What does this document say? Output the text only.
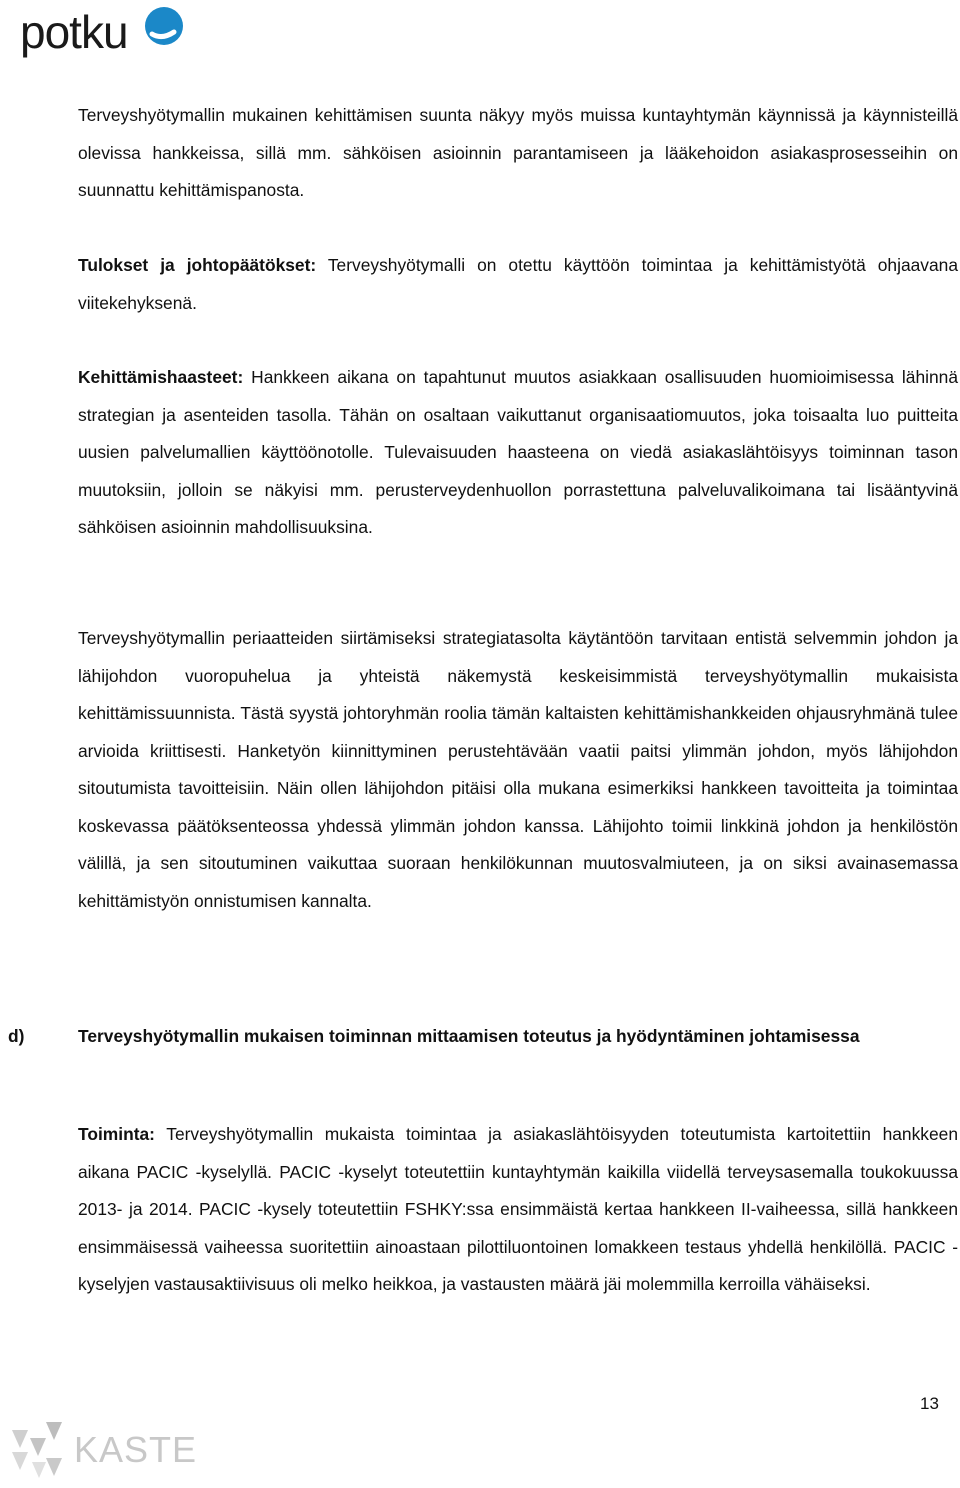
potku

Terveyshyötymallin mukainen kehittämisen suunta näkyy myös muissa kuntayhtymän käynnissä ja käynnisteillä olevissa hankkeissa, sillä mm. sähköisen asioinnin parantamiseen ja lääkehoidon asiakasprosesseihin on suunnattu kehittämispanosta.

Tulokset ja johtopäätökset: Terveyshyötymalli on otettu käyttöön toimintaa ja kehittämistyötä ohjaavana viitekehyksenä.

Kehittämishaasteet: Hankkeen aikana on tapahtunut muutos asiakkaan osallisuuden huomioimisessa lähinnä strategian ja asenteiden tasolla. Tähän on osaltaan vaikuttanut organisaatiomuutos, joka toisaalta luo puitteita uusien palvelumallien käyttöönotolle. Tulevaisuuden haasteena on viedä asiakaslähtöisyys toiminnan tason muutoksiin, jolloin se näkyisi mm. perusterveydenhuollon porrastettuna palveluvalikoimana tai lisääntyvinä sähköisen asioinnin mahdollisuuksina.

Terveyshyötymallin periaatteiden siirtämiseksi strategiatasolta käytäntöön tarvitaan entistä selvemmin johdon ja lähijohdon vuoropuhelua ja yhteistä näkemystä keskeisimmistä terveyshyötymallin mukaisista kehittämissuunnista. Tästä syystä johtoryhmän roolia tämän kaltaisten kehittämishankkeiden ohjausryhmänä tulee arvioida kriittisesti. Hanketyön kiinnittyminen perustehtävään vaatii paitsi ylimmän johdon, myös lähijohdon sitoutumista tavoitteisiin. Näin ollen lähijohdon pitäisi olla mukana esimerkiksi hankkeen tavoitteita ja toimintaa koskevassa päätöksenteossa yhdessä ylimmän johdon kanssa. Lähijohto toimii linkkinä johdon ja henkilöstön välillä, ja sen sitoutuminen vaikuttaa suoraan henkilökunnan muutosvalmiuteen, ja on siksi avainasemassa kehittämistyön onnistumisen kannalta.

d)	Terveyshyötymallin mukaisen toiminnan mittaamisen toteutus ja hyödyntäminen johtamisessa

Toiminta: Terveyshyötymallin mukaista toimintaa ja asiakaslähtöisyyden toteutumista kartoitettiin hankkeen aikana PACIC -kyselyllä. PACIC -kyselyt toteutettiin kuntayhtymän kaikilla viidellä terveysasemalla toukokuussa 2013- ja 2014. PACIC -kysely toteutettiin FSHKY:ssa ensimmäistä kertaa hankkeen II-vaiheessa, sillä hankkeen ensimmäisessä vaiheessa suoritettiin ainoastaan pilottiluontoinen lomakkeen testaus yhdellä henkilöllä. PACIC -kyselyjen vastausaktiivisuus oli melko heikkoa, ja vastausten määrä jäi molemmilla kerroilla vähäiseksi.

13
KASTE
